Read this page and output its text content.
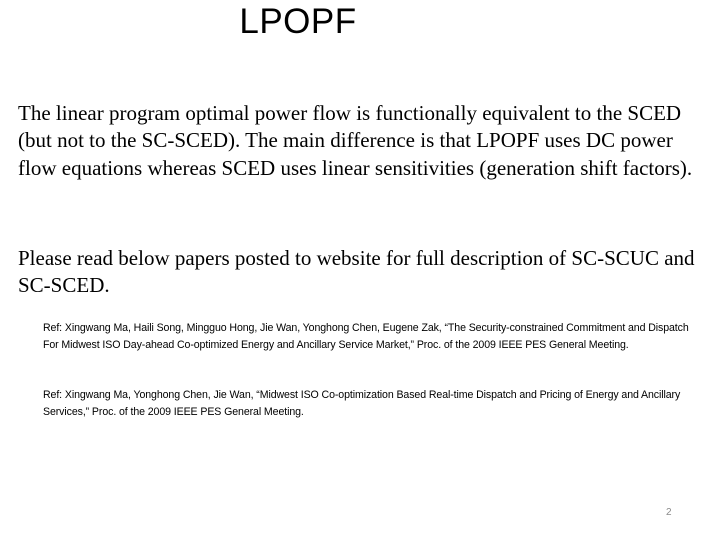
LPOPF

The linear program optimal power flow is functionally equivalent to the SCED (but not to the SC-SCED). The main difference is that LPOPF uses DC power flow equations whereas SCED uses linear sensitivities (generation shift factors).

Please read below papers posted to website for full description of SC-SCUC and SC-SCED.

Ref: Xingwang Ma, Haili Song, Mingguo Hong, Jie Wan, Yonghong Chen, Eugene Zak, “The Security-constrained Commitment and Dispatch For Midwest ISO Day-ahead Co-optimized Energy and Ancillary Service Market,” Proc. of the 2009 IEEE PES General Meeting.

Ref: Xingwang Ma, Yonghong Chen, Jie Wan, “Midwest ISO Co-optimization Based Real-time Dispatch and Pricing of Energy and Ancillary Services,” Proc. of the 2009 IEEE PES General Meeting.

2
